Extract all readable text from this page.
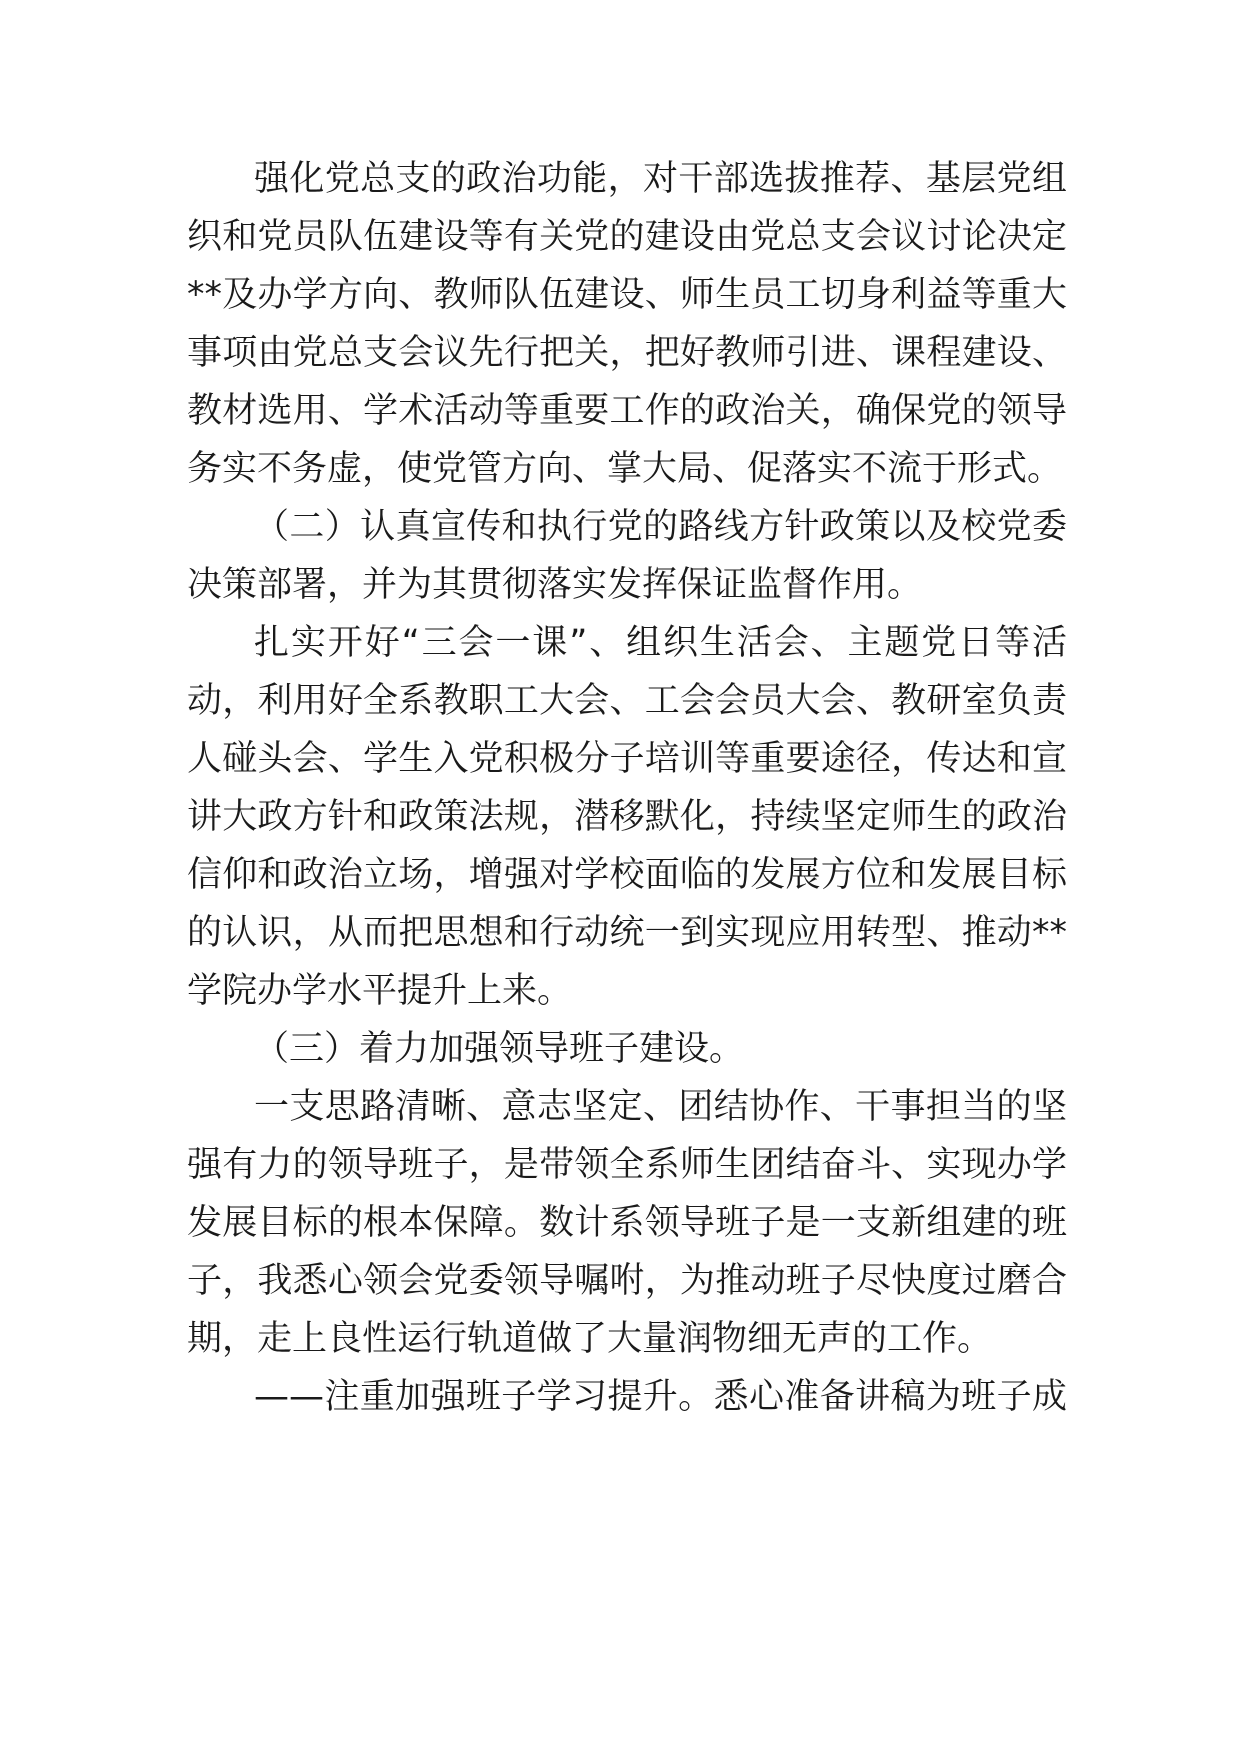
强化党总支的政治功能，对干部选拔推荐、基层党组
织和党员队伍建设等有关党的建设由党总支会议讨论决定
**及办学方向、教师队伍建设、师生员工切身利益等重大
事项由党总支会议先行把关，把好教师引进、课程建设、
教材选用、学术活动等重要工作的政治关，确保党的领导
务实不务虚，使党管方向、掌大局、促落实不流于形式。
（二）认真宣传和执行党的路线方针政策以及校党委
决策部署，并为其贯彻落实发挥保证监督作用。
扎实开好“三会一课”、组织生活会、主题党日等活
动，利用好全系教职工大会、工会会员大会、教研室负责
人碰头会、学生入党积极分子培训等重要途径，传达和宣
讲大政方针和政策法规，潜移默化，持续坚定师生的政治
信仰和政治立场，增强对学校面临的发展方位和发展目标
的认识，从而把思想和行动统一到实现应用转型、推动**
学院办学水平提升上来。
（三）着力加强领导班子建设。
一支思路清晰、意志坚定、团结协作、干事担当的坚
强有力的领导班子，是带领全系师生团结奋斗、实现办学
发展目标的根本保障。数计系领导班子是一支新组建的班
子，我悉心领会党委领导嘱咐，为推动班子尽快度过磨合
期，走上良性运行轨道做了大量润物细无声的工作。
——注重加强班子学习提升。悉心准备讲稿为班子成
